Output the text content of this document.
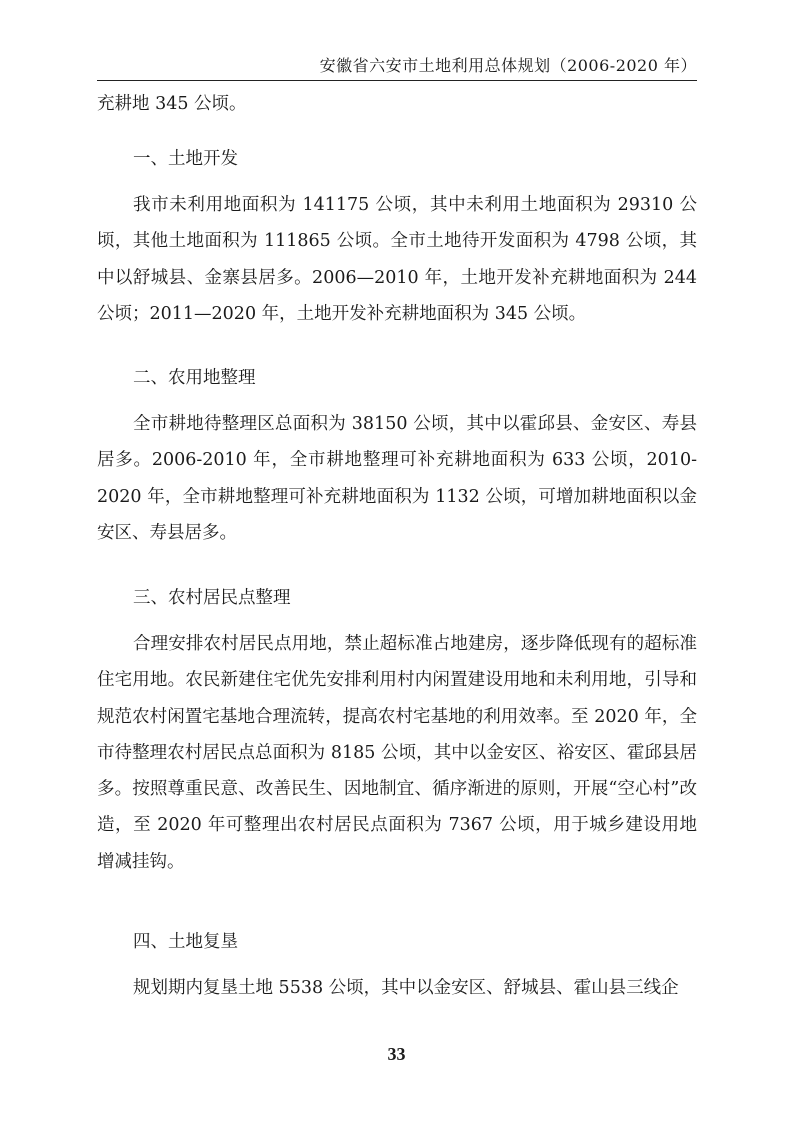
安徽省六安市土地利用总体规划（2006-2020 年）

充耕地 345 公顷。

一、土地开发

我市未利用地面积为 141175 公顷，其中未利用土地面积为 29310 公顷，其他土地面积为 111865 公顷。全市土地待开发面积为 4798 公顷，其中以舒城县、金寨县居多。2006—2010 年，土地开发补充耕地面积为 244 公顷；2011—2020 年，土地开发补充耕地面积为 345 公顷。

二、农用地整理

全市耕地待整理区总面积为 38150 公顷，其中以霍邱县、金安区、寿县居多。2006-2010 年，全市耕地整理可补充耕地面积为 633 公顷，2010-2020 年，全市耕地整理可补充耕地面积为 1132 公顷，可增加耕地面积以金安区、寿县居多。

三、农村居民点整理

合理安排农村居民点用地，禁止超标准占地建房，逐步降低现有的超标准住宅用地。农民新建住宅优先安排利用村内闲置建设用地和未利用地，引导和规范农村闲置宅基地合理流转，提高农村宅基地的利用效率。至 2020 年，全市待整理农村居民点总面积为 8185 公顷，其中以金安区、裕安区、霍邱县居多。按照尊重民意、改善民生、因地制宜、循序渐进的原则，开展“空心村”改造，至 2020 年可整理出农村居民点面积为 7367 公顷，用于城乡建设用地增减挂钩。

四、土地复垦

规划期内复垦土地 5538 公顷，其中以金安区、舒城县、霍山县三线企

33
